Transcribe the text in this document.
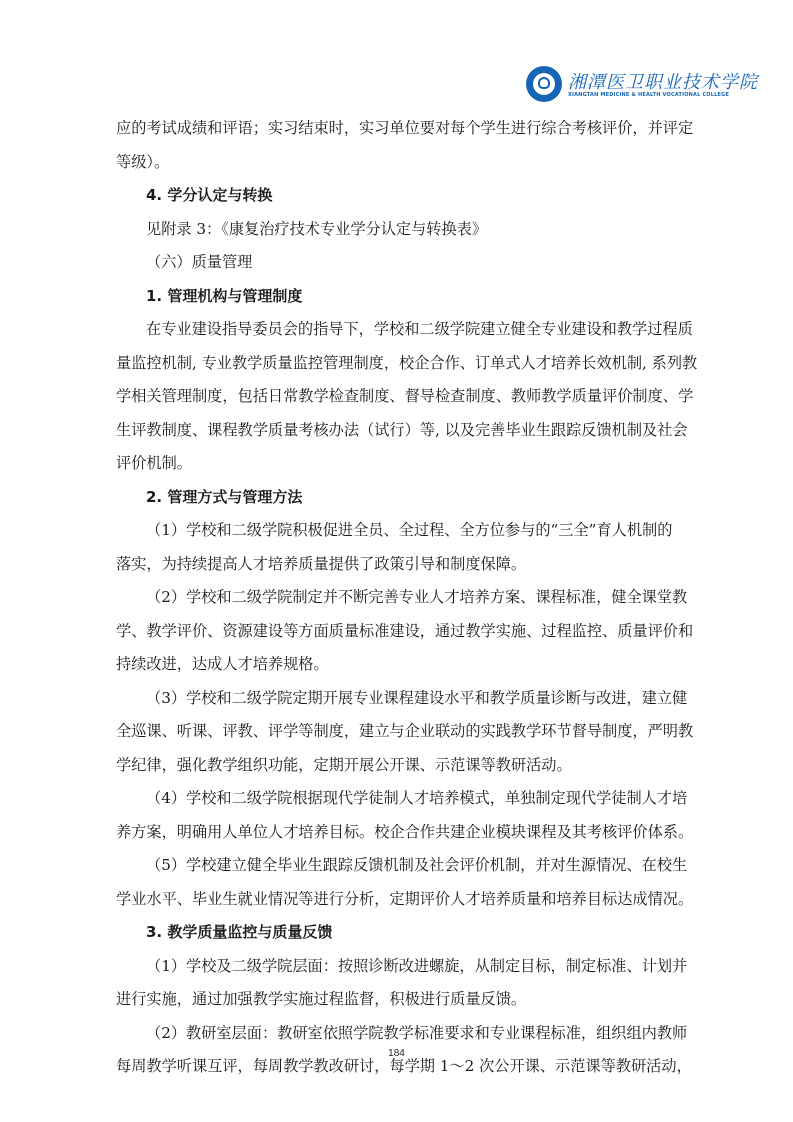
湘潭医卫职业技术学院
XIANGTAN MEDICINE & HEALTH VOCATIONAL COLLEGE
应的考试成绩和评语；实习结束时，实习单位要对每个学生进行综合考核评价，并评定
等级）。
4. 学分认定与转换
见附录 3：《康复治疗技术专业学分认定与转换表》
（六）质量管理
1. 管理机构与管理制度
在专业建设指导委员会的指导下，学校和二级学院建立健全专业建设和教学过程质
量监控机制, 专业教学质量监控管理制度，校企合作、订单式人才培养长效机制, 系列教
学相关管理制度，包括日常教学检查制度、督导检查制度、教师教学质量评价制度、学
生评教制度、课程教学质量考核办法（试行）等, 以及完善毕业生跟踪反馈机制及社会
评价机制。
2. 管理方式与管理方法
（1）学校和二级学院积极促进全员、全过程、全方位参与的“三全”育人机制的
落实，为持续提高人才培养质量提供了政策引导和制度保障。
（2）学校和二级学院制定并不断完善专业人才培养方案、课程标准，健全课堂教
学、教学评价、资源建设等方面质量标准建设，通过教学实施、过程监控、质量评价和
持续改进，达成人才培养规格。
（3）学校和二级学院定期开展专业课程建设水平和教学质量诊断与改进，建立健
全巡课、听课、评教、评学等制度，建立与企业联动的实践教学环节督导制度，严明教
学纪律，强化教学组织功能，定期开展公开课、示范课等教研活动。
（4）学校和二级学院根据现代学徒制人才培养模式，单独制定现代学徒制人才培
养方案，明确用人单位人才培养目标。校企合作共建企业模块课程及其考核评价体系。
（5）学校建立健全毕业生跟踪反馈机制及社会评价机制，并对生源情况、在校生
学业水平、毕业生就业情况等进行分析，定期评价人才培养质量和培养目标达成情况。
3. 教学质量监控与质量反馈
（1）学校及二级学院层面：按照诊断改进螺旋，从制定目标，制定标准、计划并
进行实施，通过加强教学实施过程监督，积极进行质量反馈。
（2）教研室层面：教研室依照学院教学标准要求和专业课程标准，组织组内教师
每周教学听课互评，每周教学教改研讨，每学期 1～2 次公开课、示范课等教研活动，
184
